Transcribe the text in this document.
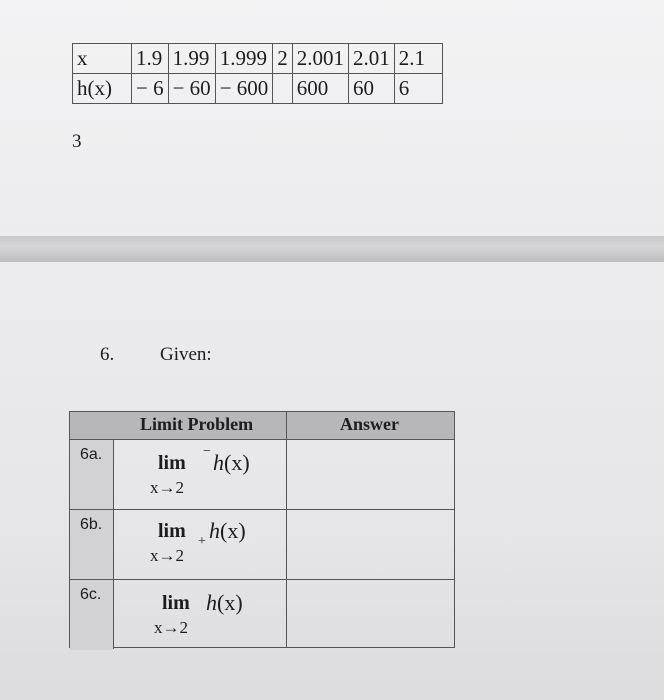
x	1.9	1.99	1.999	2	2.001	2.01	2.1
h(x)	− 6	− 60	− 600		600	60	6
3
6. Given:
Limit Problem	Answer
6a.	lim
− h(x)
x→2
6b.	lim + h(x)
x→2
6c.	lim h(x)
x→2
